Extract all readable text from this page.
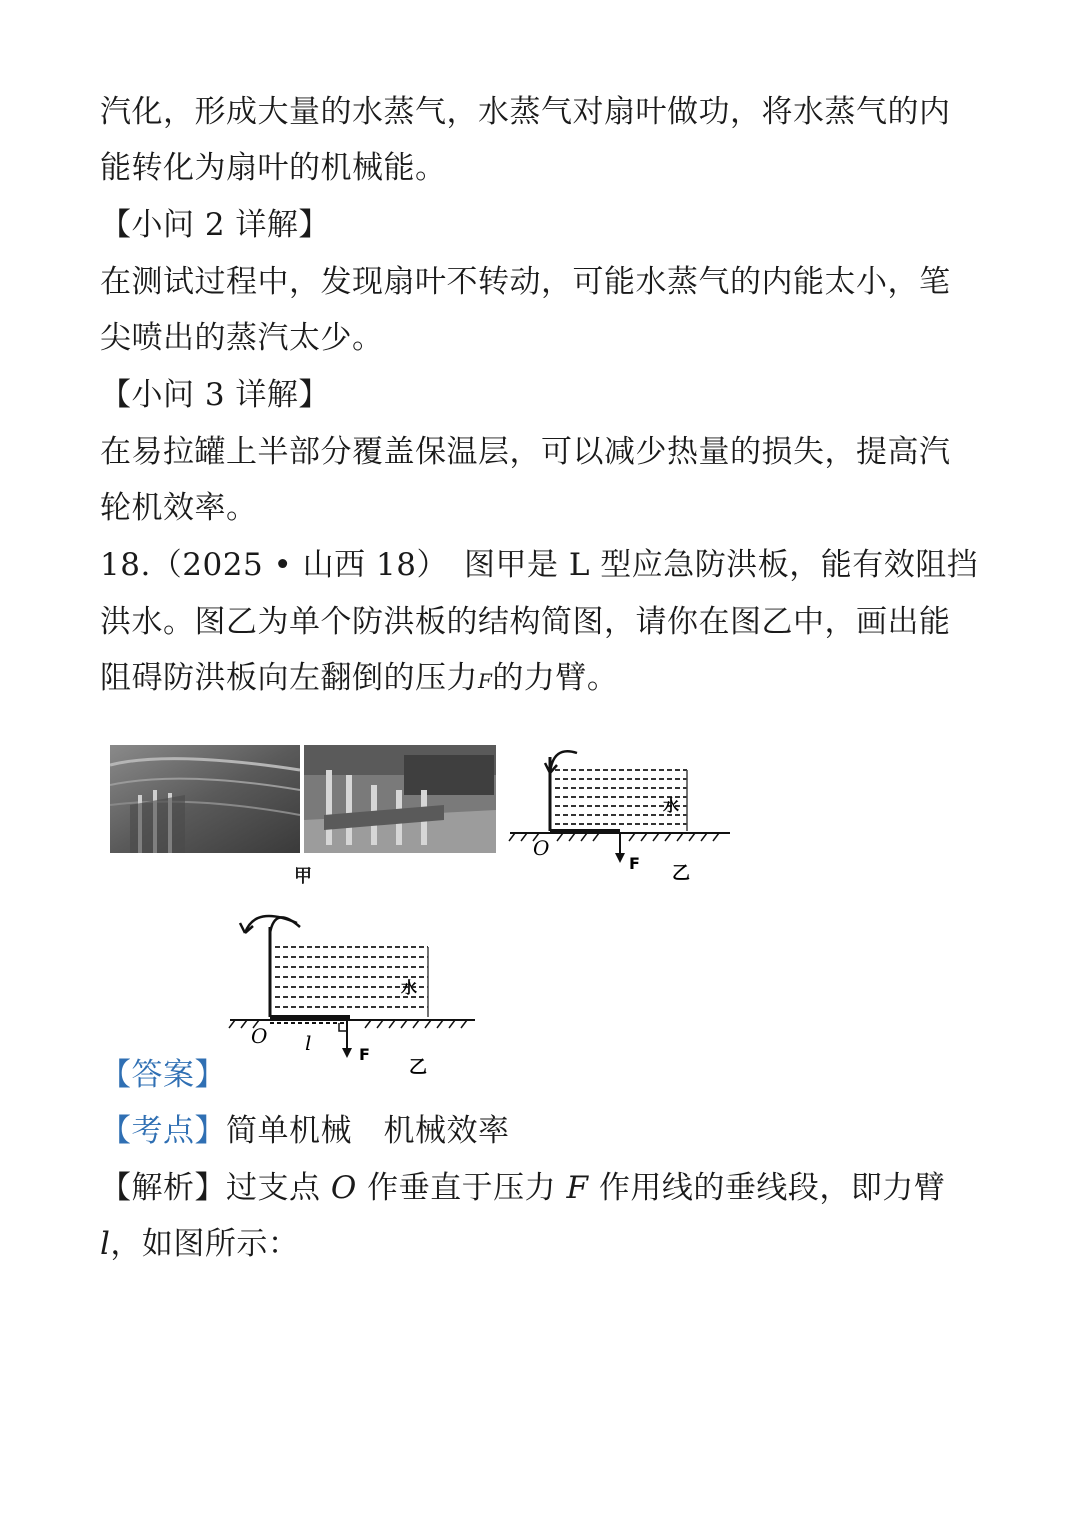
汽化，形成大量的水蒸气，水蒸气对扇叶做功，将水蒸气的内
能转化为扇叶的机械能。
【小问 2 详解】
在测试过程中，发现扇叶不转动，可能水蒸气的内能太小，笔
尖喷出的蒸汽太少。
【小问 3 详解】
在易拉罐上半部分覆盖保温层，可以减少热量的损失，提高汽
轮机效率。
18.（2025 • 山西 18）　图甲是 L 型应急防洪板，能有效阻挡
洪水。图乙为单个防洪板的结构简图，请你在图乙中，画出能
阻碍防洪板向左翻倒的压力F的力臂。
甲
O
F
水
乙
O l	F
水
乙
【答案】
【考点】简单机械　机械效率
【解析】过支点 O 作垂直于压力 F 作用线的垂线段，即力臂
l，如图所示：
